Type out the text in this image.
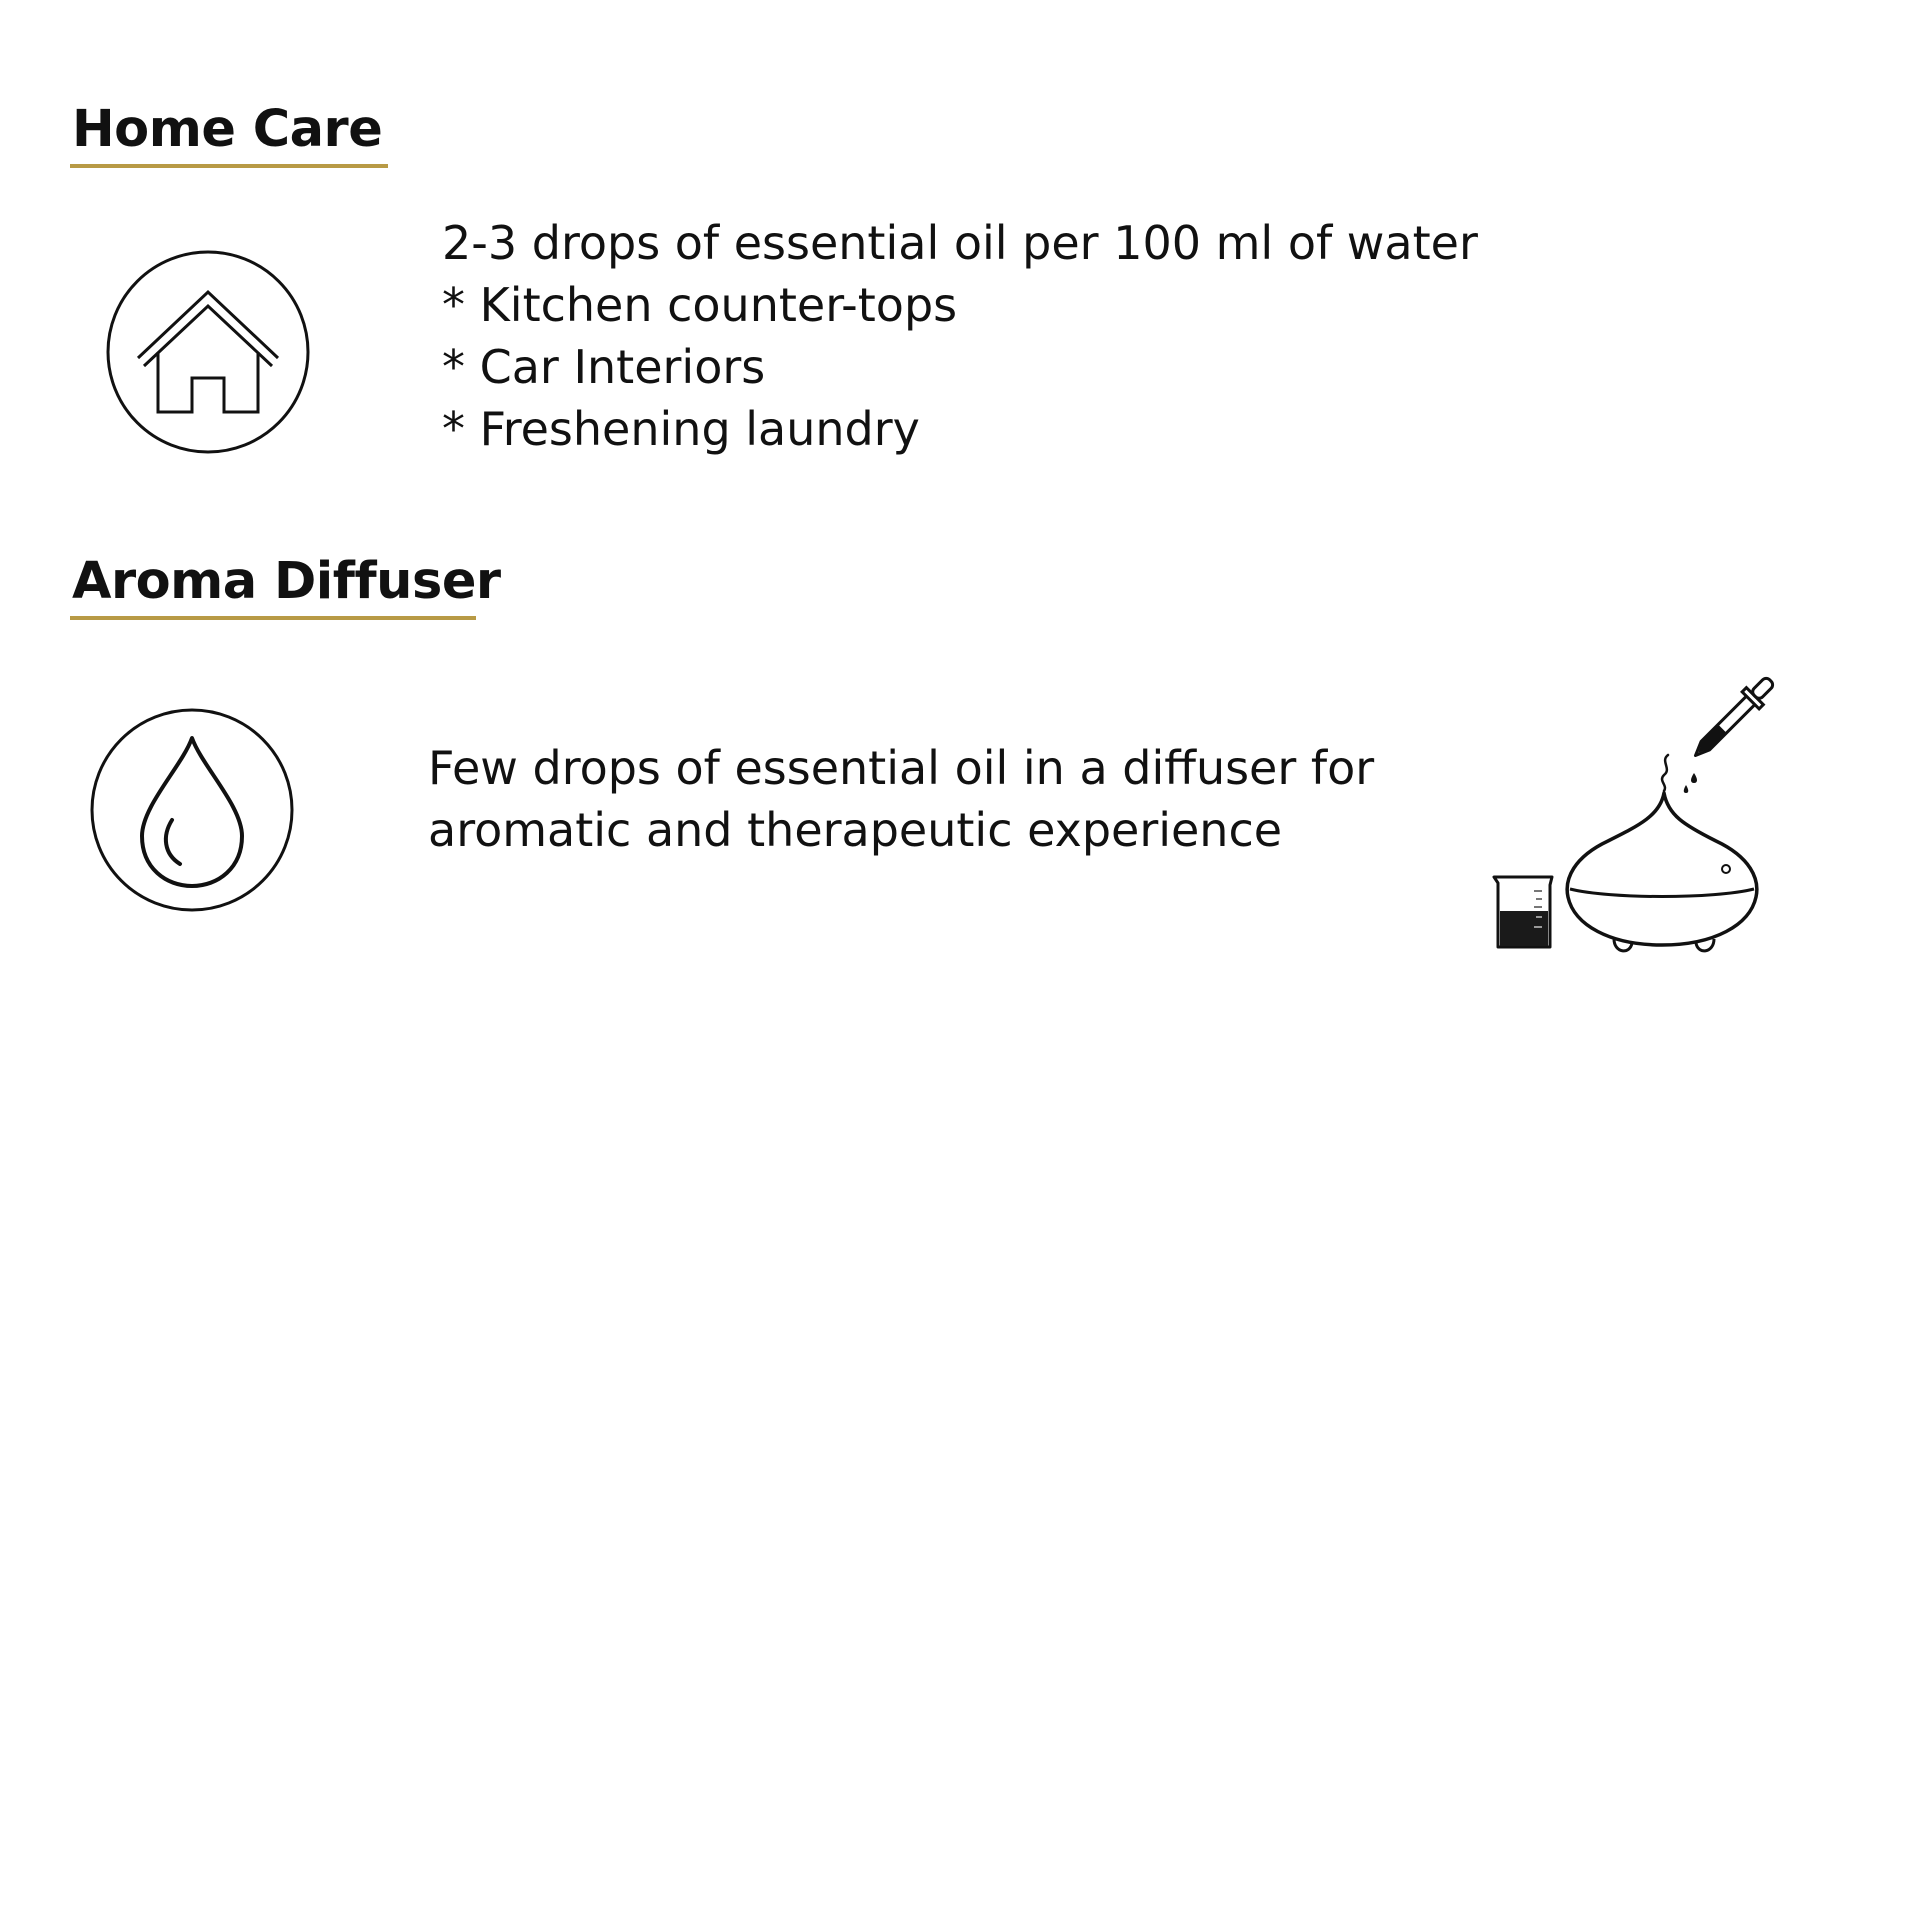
Home Care
2-3 drops of essential oil per 100 ml of water
* Kitchen counter-tops
* Car Interiors
* Freshening laundry
Aroma Diffuser
Few drops of essential oil in a diffuser for
aromatic and therapeutic experience
